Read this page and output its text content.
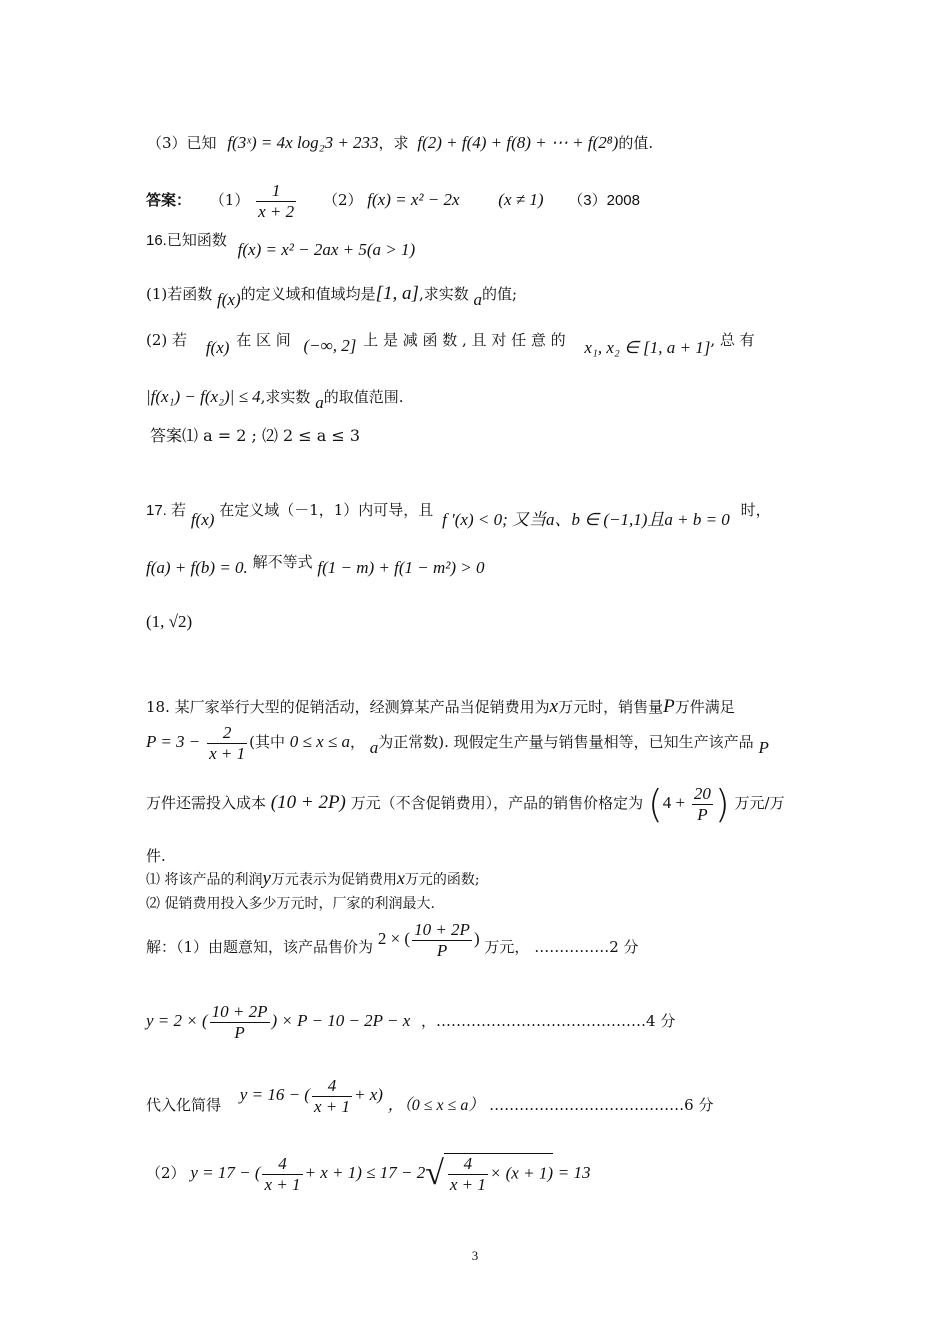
（3）已知 f(3ˣ) = 4x log₂3 + 233，求 f(2) + f(4) + f(8) + ⋯ + f(2⁸)的值.
答案： $(1) \frac{1}{x + 2} (2) f(x) = x^2 - 2x$ (x ≠ 1) （3）2008
16.已知函数 f(x) = x² − 2ax + 5(a > 1)
(1)若函数 f(x)的定义域和值域均是[1, a],求实数 a的值;
(2) 若 f(x) 在 区 间 (−∞, 2] 上 是 减 函 数 , 且 对 任 意 的 x₁, x₂ ∈ [1, a + 1], 总 有
|f(x₁) − f(x₂)| ≤ 4,求实数 a的取值范围.
答案⑴ a = 2 ; ⑵ 2 ≤ a ≤ 3
17. 若 f(x) 在定义域（－1，1）内可导，且 f ′(x) < 0; 又当a、b ∈ (−1,1)且a + b = 0 时，
f(a) + f(b) = 0. 解不等式 f(1 − m) + f(1 − m²) > 0
(1, √2)
18. 某厂家举行大型的促销活动，经测算某产品当促销费用为x万元时，销售量P万件满足
$P = 3 - \frac{2}{x + 1}$ (其中 0 ≤ x ≤ a， a为正常数). 现假定生产量与销售量相等，已知生产该产品 P
万件还需投入成本 (10 + 2P) 万元（不含促销费用），产品的销售价格定为 ($4 + \frac{20}{P}$ ) 万元/万
件.
⑴ 将该产品的利润y万元表示为促销费用x万元的函数;
⑵ 促销费用投入多少万元时，厂家的利润最大.
解：（1）由题意知，该产品售价为 2 × ( $\frac{10 + 2P}{P}$ ) 万元， ……………2 分
y = 2 × ( $\frac{10 + 2P}{P}$ ) × P − 10 − 2P − x ，……………………………………4 分
代入化简得 y = 16 − ( $\frac{4}{x + 1} + x$) ，（0 ≤ x ≤ a） …………………………………6 分
（2） y = 17 − ( $\frac{4}{x + 1} + x + 1) \le 17 - 2√ \frac{4}{x + 1} \times (x + 1) = 13$
3
